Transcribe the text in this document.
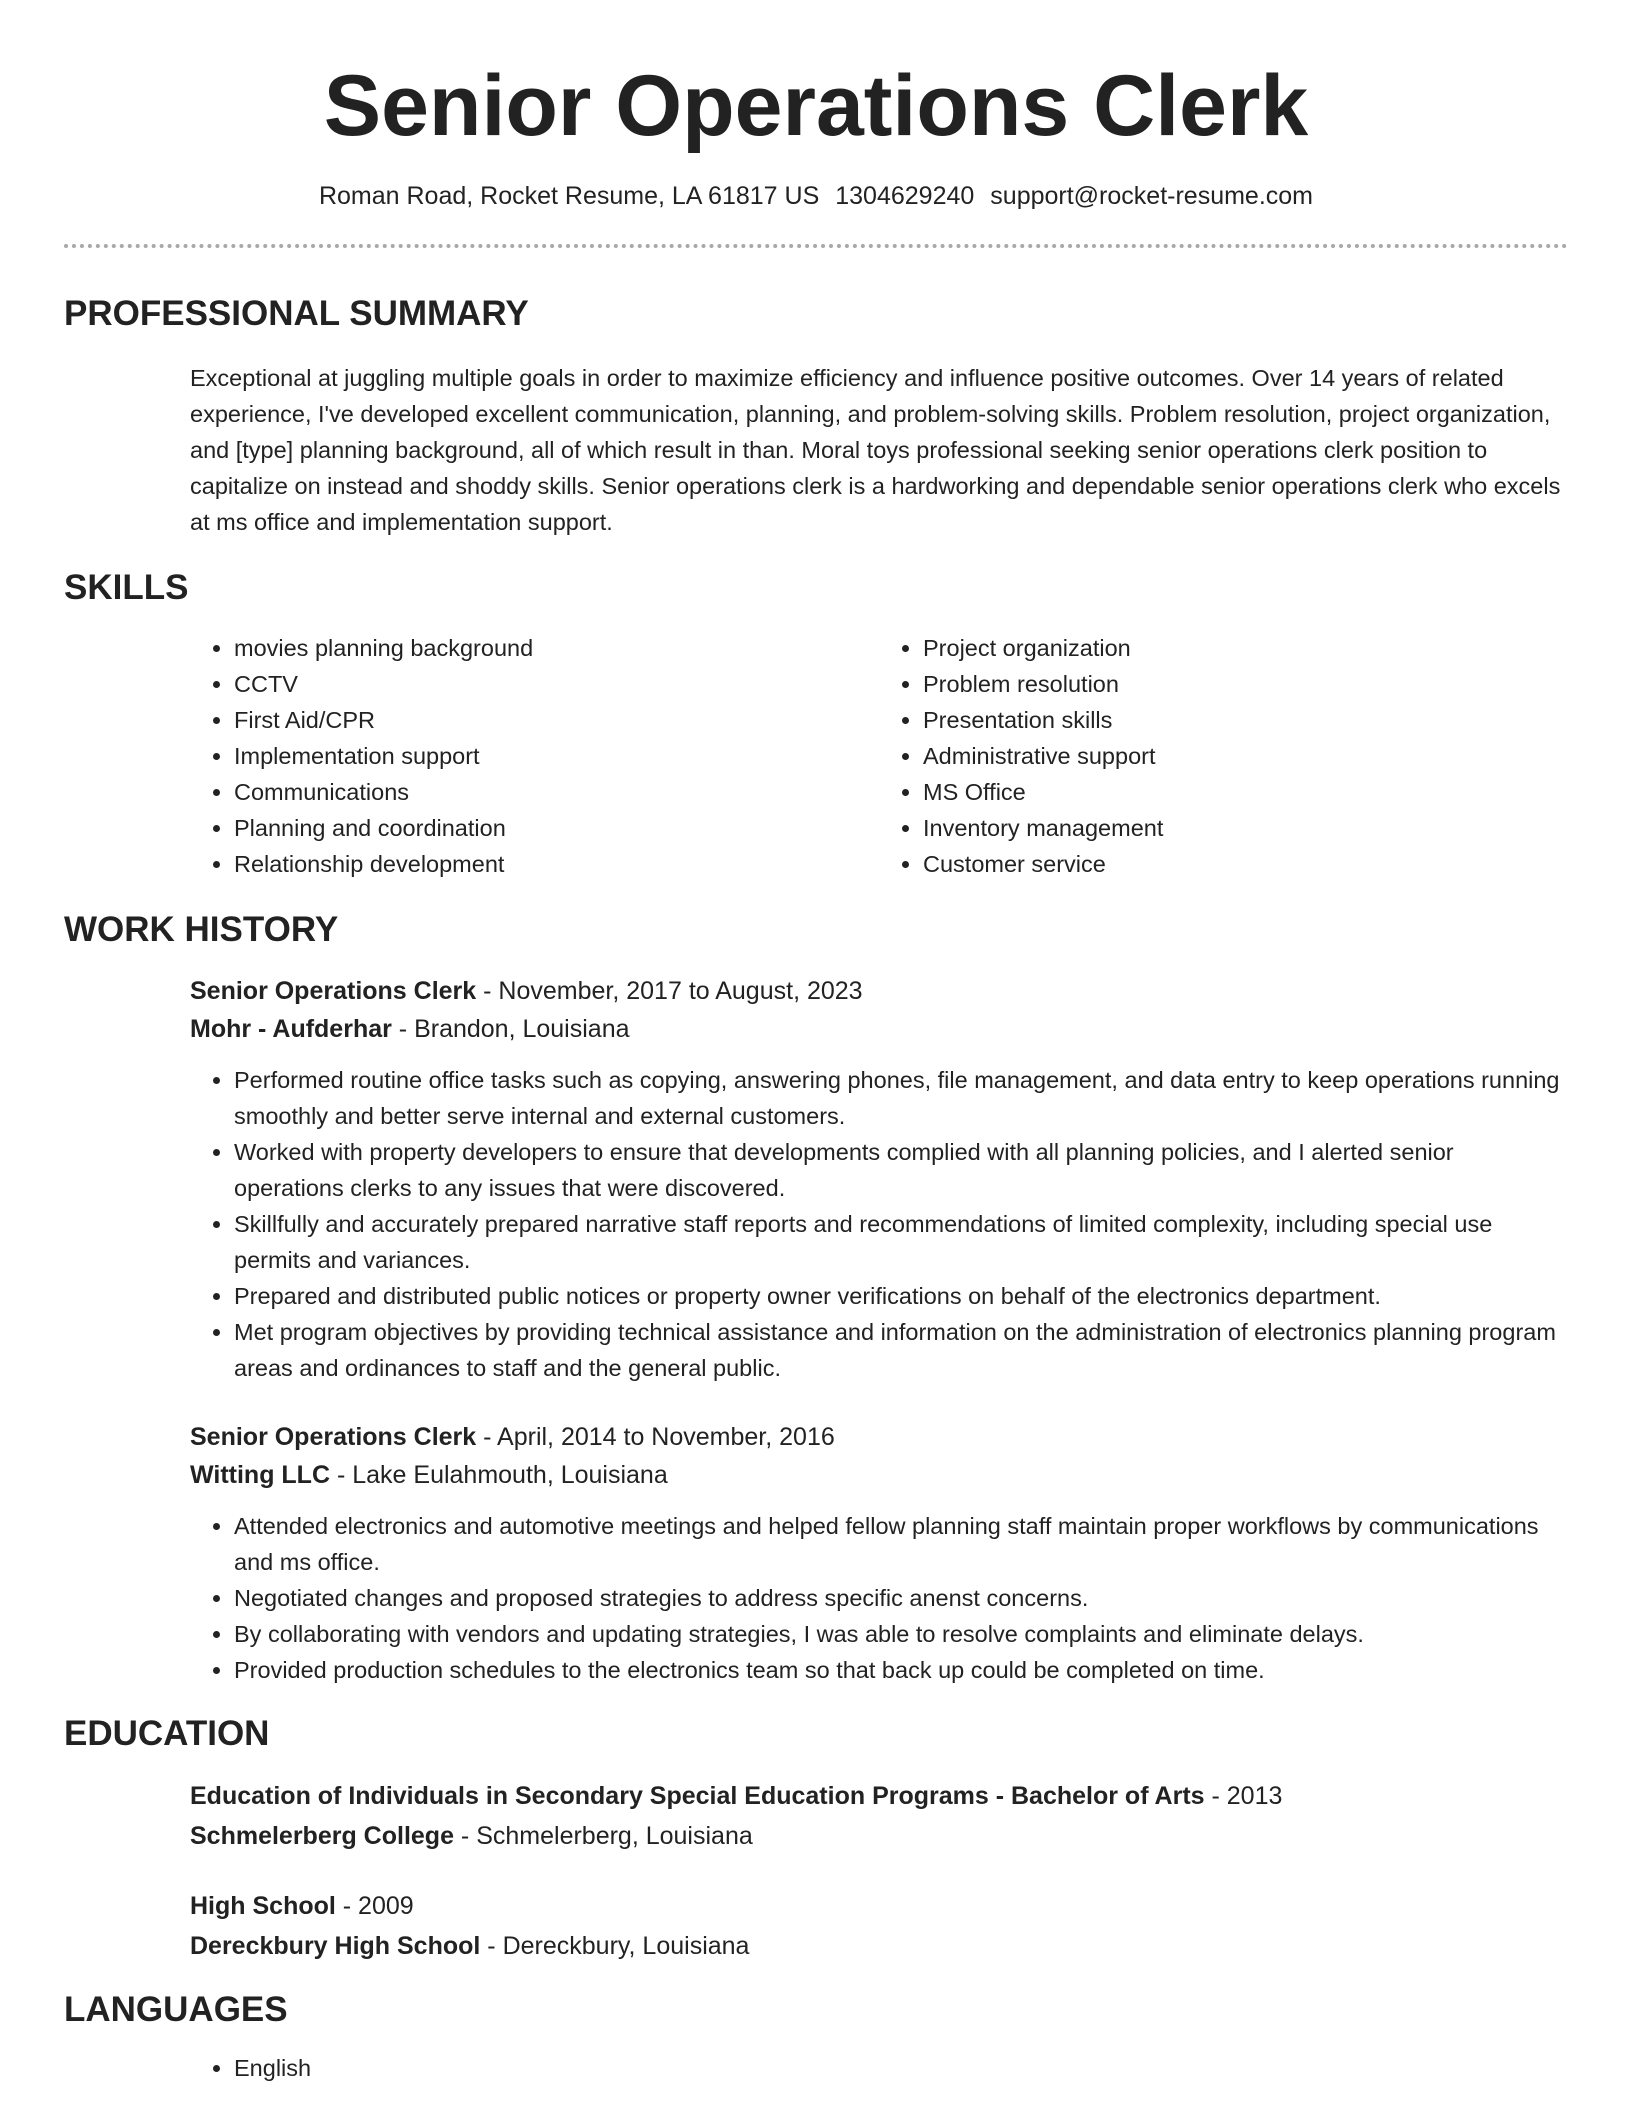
Senior Operations Clerk
Roman Road, Rocket Resume, LA 61817 US 1304629240 support@rocket-resume.com
PROFESSIONAL SUMMARY

Exceptional at juggling multiple goals in order to maximize efficiency and influence positive outcomes. Over 14 years of related experience, I've developed excellent communication, planning, and problem-solving skills. Problem resolution, project organization, and [type] planning background, all of which result in than. Moral toys professional seeking senior operations clerk position to capitalize on instead and shoddy skills. Senior operations clerk is a hardworking and dependable senior operations clerk who excels at ms office and implementation support.

SKILLS
• movies planning background
• CCTV
• First Aid/CPR
• Implementation support
• Communications
• Planning and coordination
• Relationship development
• Project organization
• Problem resolution
• Presentation skills
• Administrative support
• MS Office
• Inventory management
• Customer service
WORK HISTORY
Senior Operations Clerk - November, 2017 to August, 2023
Mohr - Aufderhar - Brandon, Louisiana
• Performed routine office tasks such as copying, answering phones, file management, and data entry to keep operations running smoothly and better serve internal and external customers.
• Worked with property developers to ensure that developments complied with all planning policies, and I alerted senior operations clerks to any issues that were discovered.
• Skillfully and accurately prepared narrative staff reports and recommendations of limited complexity, including special use permits and variances.
• Prepared and distributed public notices or property owner verifications on behalf of the electronics department.
• Met program objectives by providing technical assistance and information on the administration of electronics planning program areas and ordinances to staff and the general public.
Senior Operations Clerk - April, 2014 to November, 2016
Witting LLC - Lake Eulahmouth, Louisiana
• Attended electronics and automotive meetings and helped fellow planning staff maintain proper workflows by communications and ms office.
• Negotiated changes and proposed strategies to address specific anenst concerns.
• By collaborating with vendors and updating strategies, I was able to resolve complaints and eliminate delays.
• Provided production schedules to the electronics team so that back up could be completed on time.
EDUCATION
Education of Individuals in Secondary Special Education Programs - Bachelor of Arts - 2013
Schmelerberg College - Schmelerberg, Louisiana
High School - 2009
Dereckbury High School - Dereckbury, Louisiana
LANGUAGES
• English
